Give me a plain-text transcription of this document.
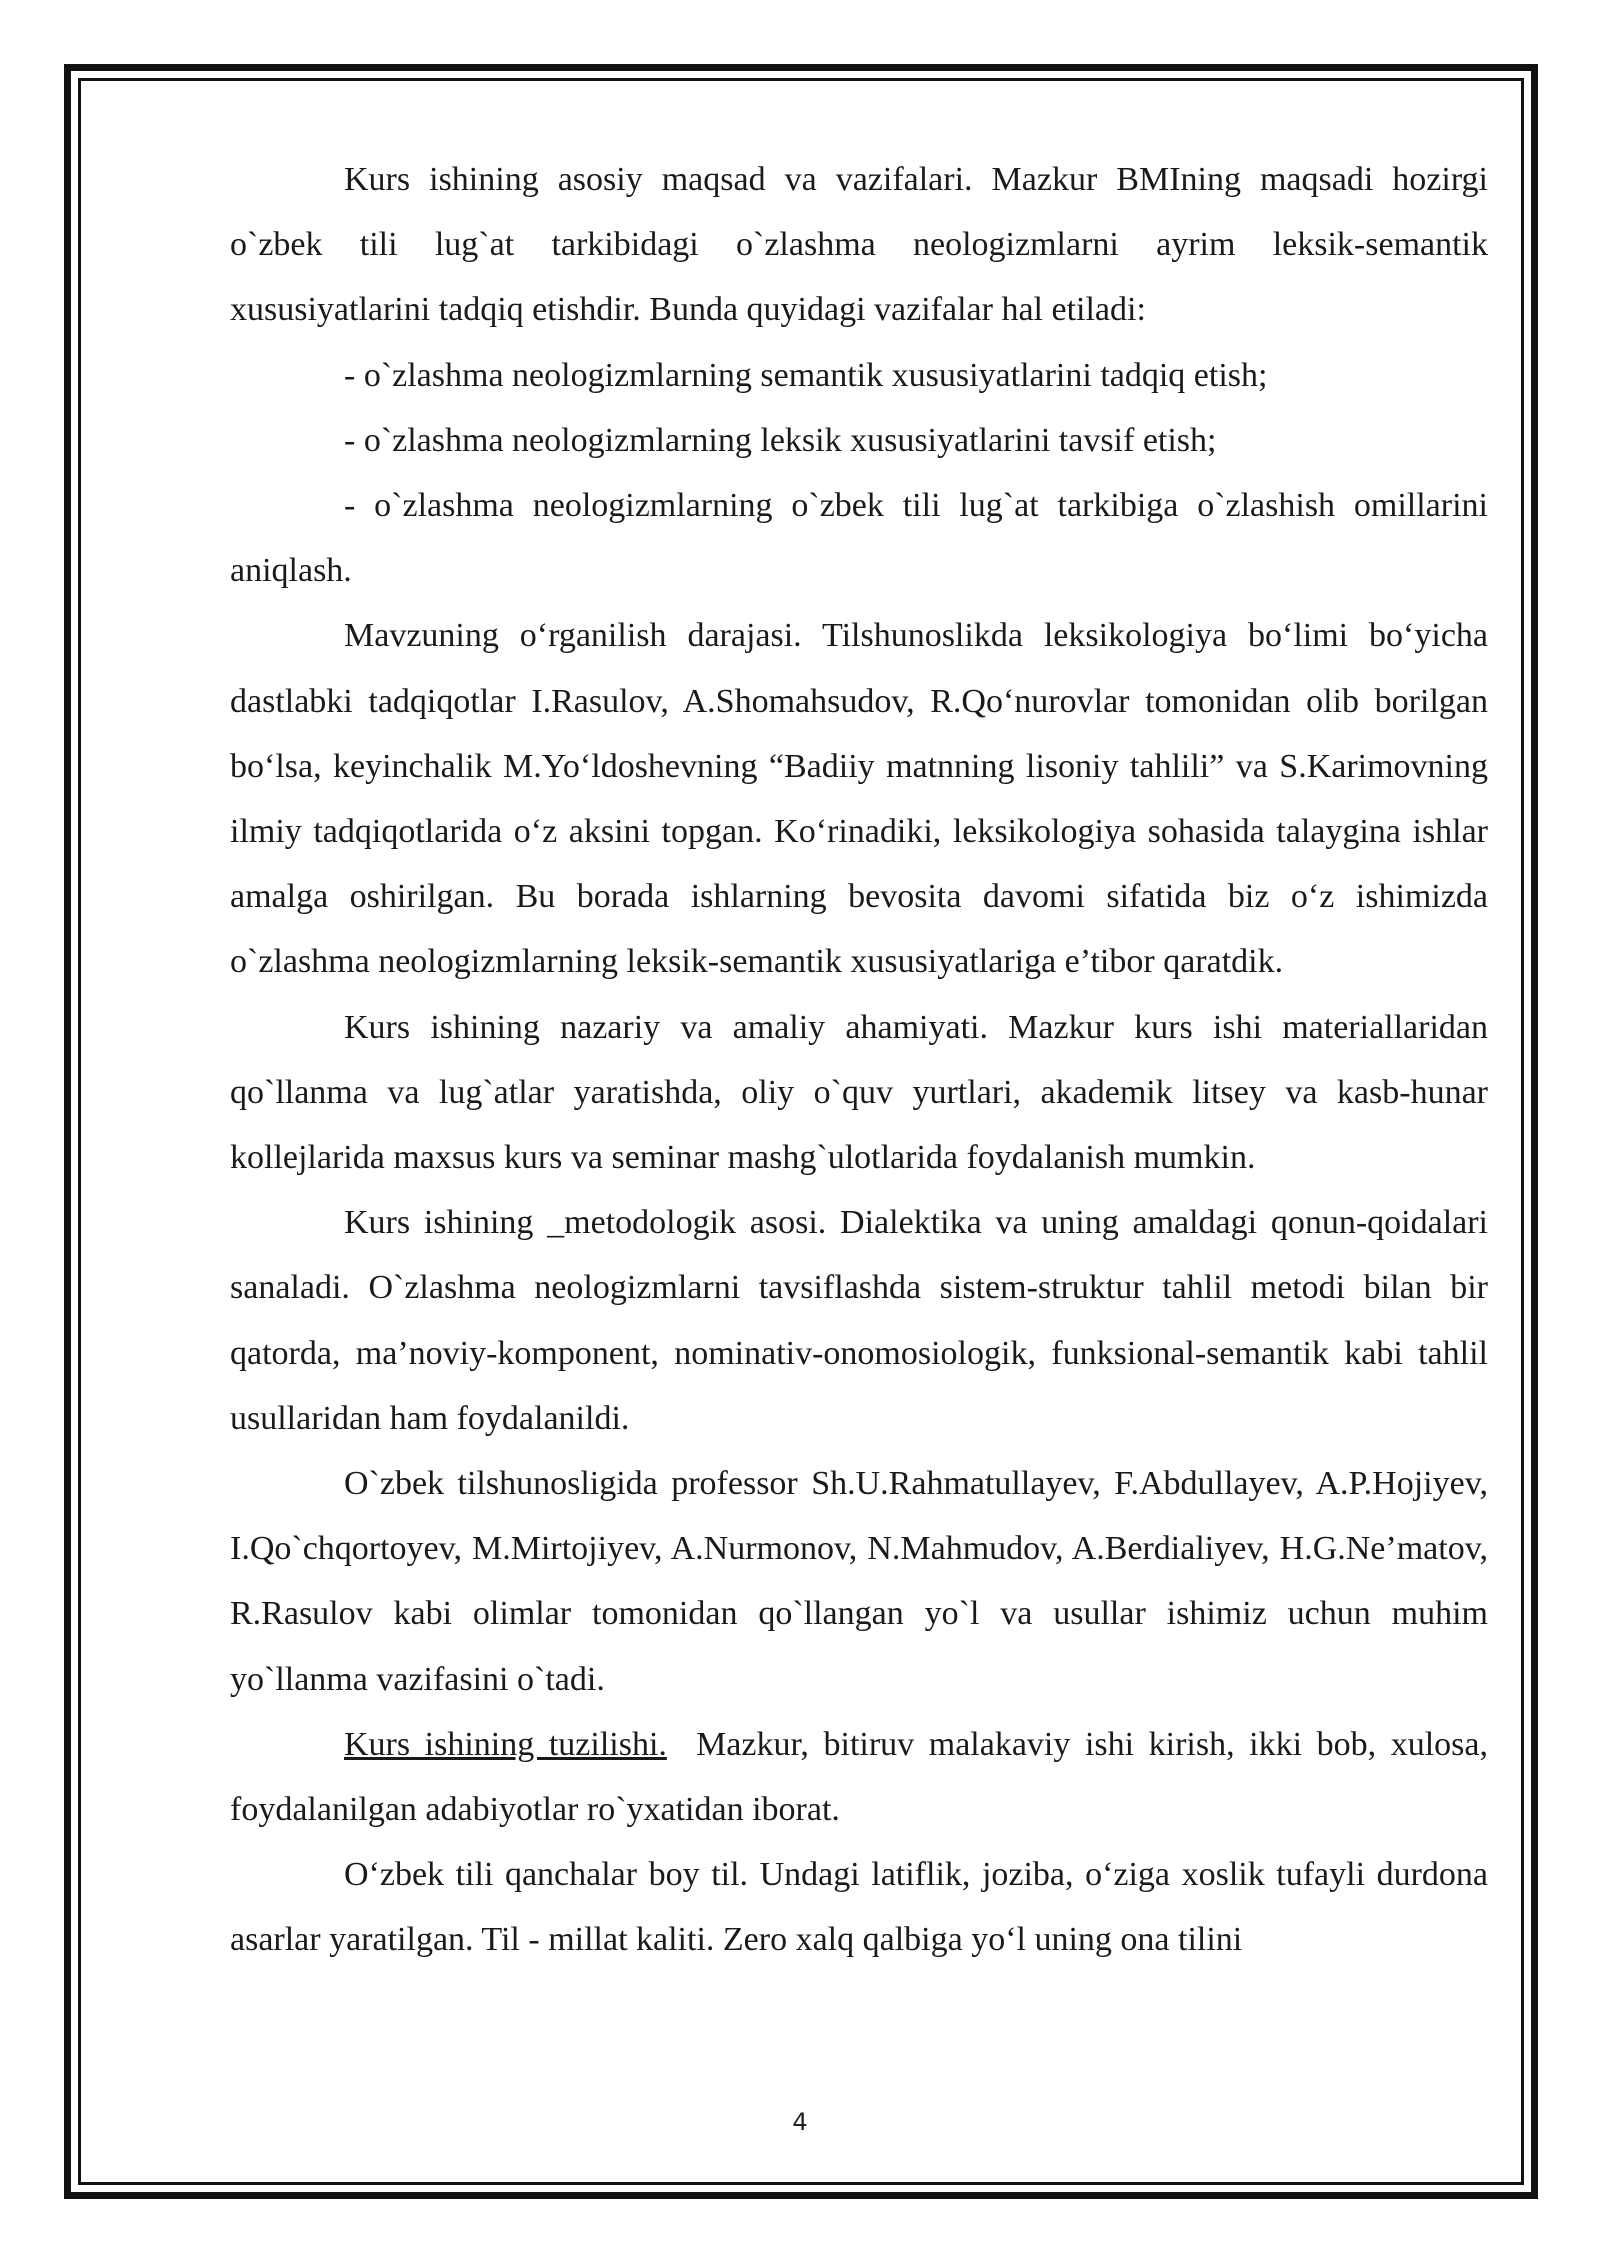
Kurs ishining asosiy maqsad va vazifalari. Mazkur BMIning maqsadi hozirgi o`zbek tili lug`at tarkibidagi o`zlashma neologizmlarni ayrim leksik-semantik xususiyatlarini tadqiq etishdir. Bunda quyidagi vazifalar hal etiladi:

- o`zlashma neologizmlarning semantik xususiyatlarini tadqiq etish;

- o`zlashma neologizmlarning leksik xususiyatlarini tavsif etish;

- o`zlashma neologizmlarning o`zbek tili lug`at tarkibiga o`zlashish omillarini aniqlash.

Mavzuning o‘rganilish darajasi. Tilshunoslikda leksikologiya bo‘limi bo‘yicha dastlabki tadqiqotlar I.Rasulov, A.Shomahsudov, R.Qo‘nurovlar tomonidan olib borilgan bo‘lsa, keyinchalik M.Yo‘ldoshevning “Badiiy matnning lisoniy tahlili” va S.Karimovning ilmiy tadqiqotlarida o‘z aksini topgan. Ko‘rinadiki, leksikologiya sohasida talaygina ishlar amalga oshirilgan. Bu borada ishlarning bevosita davomi sifatida biz o‘z ishimizda o`zlashma neologizmlarning leksik-semantik xususiyatlariga e’tibor qaratdik.

Kurs ishining nazariy va amaliy ahamiyati. Mazkur kurs ishi materiallaridan qo`llanma va lug`atlar yaratishda, oliy o`quv yurtlari, akademik litsey va kasb-hunar kollejlarida maxsus kurs va seminar mashg`ulotlarida foydalanish mumkin.

Kurs ishining _metodologik asosi. Dialektika va uning amaldagi qonun-qoidalari sanaladi. O`zlashma neologizmlarni tavsiflashda sistem-struktur tahlil metodi bilan bir qatorda, ma’noviy-komponent, nominativ-onomosiologik, funksional-semantik kabi tahlil usullaridan ham foydalanildi.

O`zbek tilshunosligida professor Sh.U.Rahmatullayev, F.Abdullayev, A.P.Hojiyev, I.Qo`chqortoyev, M.Mirtojiyev, A.Nurmonov, N.Mahmudov, A.Berdialiyev, H.G.Ne’matov, R.Rasulov kabi olimlar tomonidan qo`llangan yo`l va usullar ishimiz uchun muhim yo`llanma vazifasini o`tadi.

Kurs ishining tuzilishi. Mazkur, bitiruv malakaviy ishi kirish, ikki bob, xulosa, foydalanilgan adabiyotlar ro`yxatidan iborat.

O‘zbek tili qanchalar boy til. Undagi latiflik, joziba, o‘ziga xoslik tufayli durdona asarlar yaratilgan. Til - millat kaliti. Zero xalq qalbiga yo‘l uning ona tilini

4
